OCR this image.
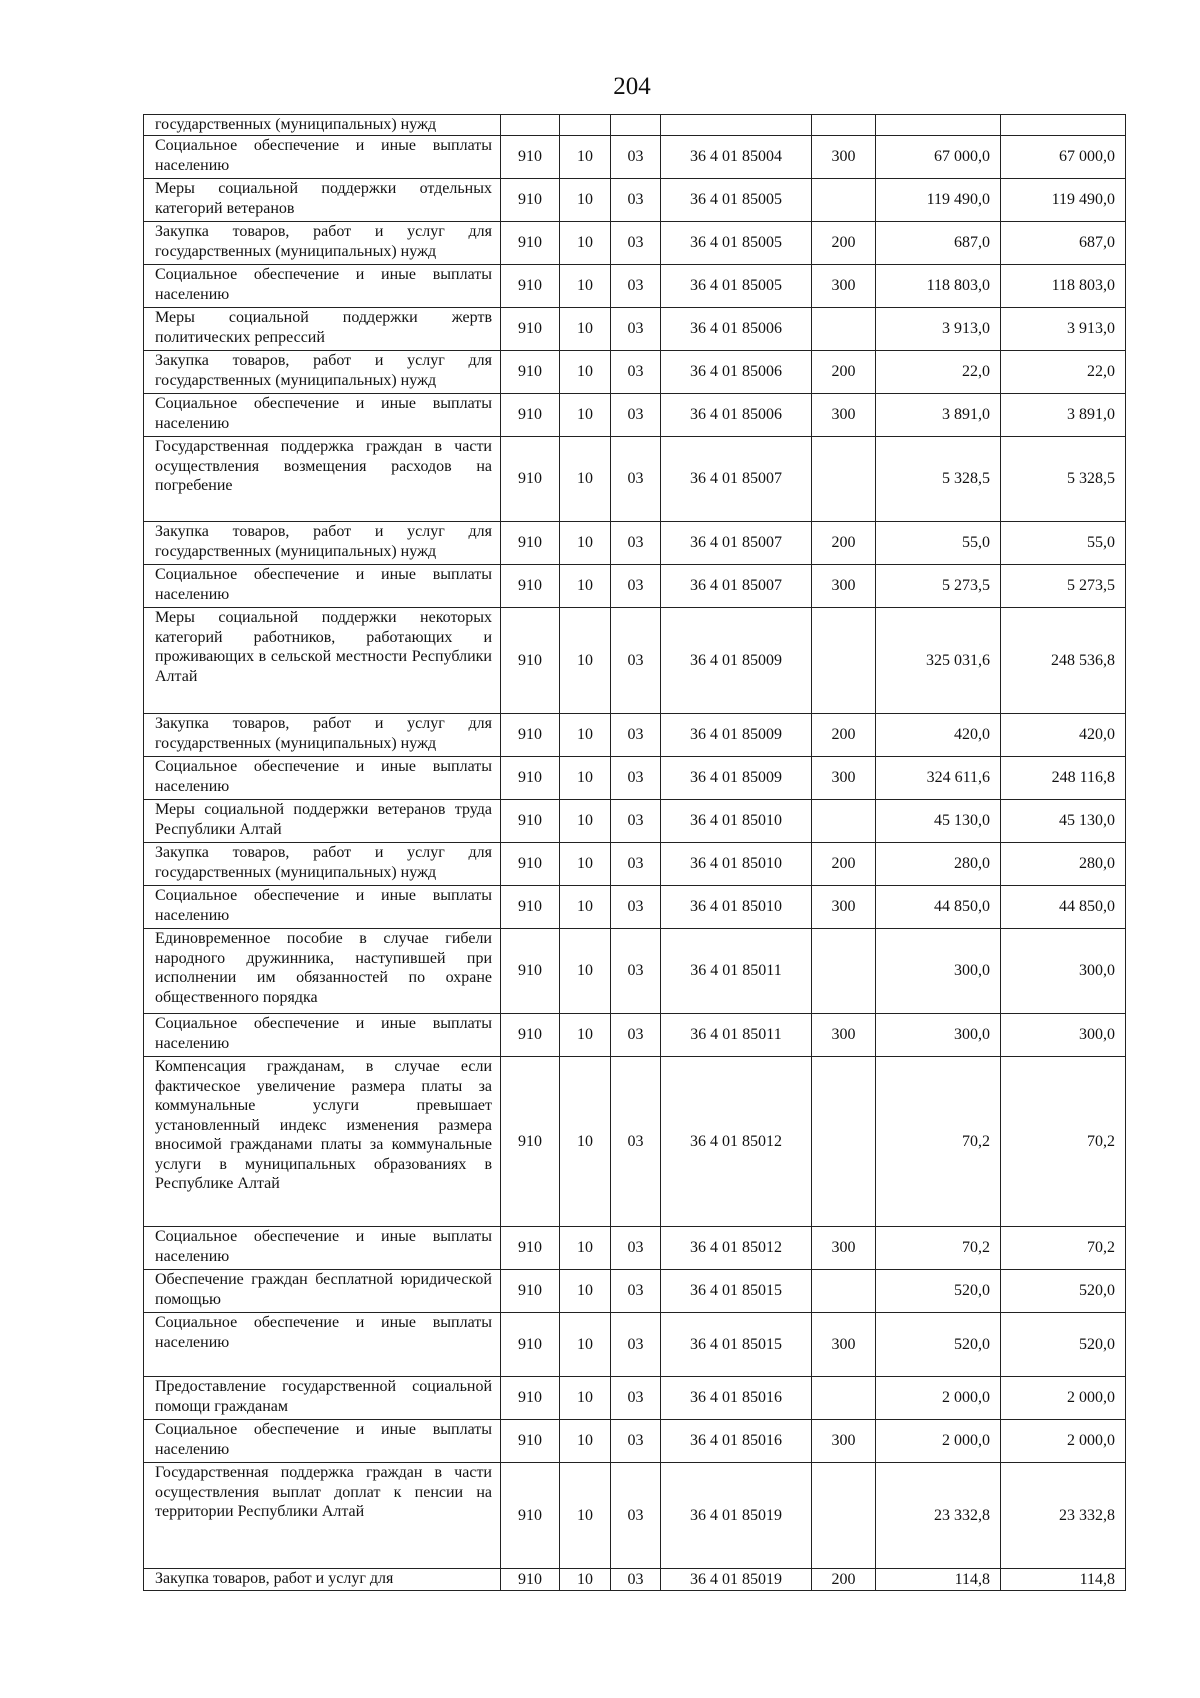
204
государственных (муниципальных) нужд							
Социальное обеспечение и иные выплаты населению	910	10	03	36 4 01 85004	300	67 000,0	67 000,0
Меры социальной поддержки отдельных категорий ветеранов	910	10	03	36 4 01 85005		119 490,0	119 490,0
Закупка товаров, работ и услуг для государственных (муниципальных) нужд	910	10	03	36 4 01 85005	200	687,0	687,0
Социальное обеспечение и иные выплаты населению	910	10	03	36 4 01 85005	300	118 803,0	118 803,0
Меры социальной поддержки жертв политических репрессий	910	10	03	36 4 01 85006		3 913,0	3 913,0
Закупка товаров, работ и услуг для государственных (муниципальных) нужд	910	10	03	36 4 01 85006	200	22,0	22,0
Социальное обеспечение и иные выплаты населению	910	10	03	36 4 01 85006	300	3 891,0	3 891,0
Государственная поддержка граждан в части осуществления возмещения расходов на погребение	910	10	03	36 4 01 85007		5 328,5	5 328,5
Закупка товаров, работ и услуг для государственных (муниципальных) нужд	910	10	03	36 4 01 85007	200	55,0	55,0
Социальное обеспечение и иные выплаты населению	910	10	03	36 4 01 85007	300	5 273,5	5 273,5
Меры социальной поддержки некоторых категорий работников, работающих и проживающих в сельской местности Республики Алтай	910	10	03	36 4 01 85009		325 031,6	248 536,8
Закупка товаров, работ и услуг для государственных (муниципальных) нужд	910	10	03	36 4 01 85009	200	420,0	420,0
Социальное обеспечение и иные выплаты населению	910	10	03	36 4 01 85009	300	324 611,6	248 116,8
Меры социальной поддержки ветеранов труда Республики Алтай	910	10	03	36 4 01 85010		45 130,0	45 130,0
Закупка товаров, работ и услуг для государственных (муниципальных) нужд	910	10	03	36 4 01 85010	200	280,0	280,0
Социальное обеспечение и иные выплаты населению	910	10	03	36 4 01 85010	300	44 850,0	44 850,0
Единовременное пособие в случае гибели народного дружинника, наступившей при исполнении им обязанностей по охране общественного порядка	910	10	03	36 4 01 85011		300,0	300,0
Социальное обеспечение и иные выплаты населению	910	10	03	36 4 01 85011	300	300,0	300,0
Компенсация гражданам, в случае если фактическое увеличение размера платы за коммунальные услуги превышает установленный индекс изменения размера вносимой гражданами платы за коммунальные услуги в муниципальных образованиях в Республике Алтай	910	10	03	36 4 01 85012		70,2	70,2
Социальное обеспечение и иные выплаты населению	910	10	03	36 4 01 85012	300	70,2	70,2
Обеспечение граждан бесплатной юридической помощью	910	10	03	36 4 01 85015		520,0	520,0
Социальное обеспечение и иные выплаты населению	910	10	03	36 4 01 85015	300	520,0	520,0
Предоставление государственной социальной помощи гражданам	910	10	03	36 4 01 85016		2 000,0	2 000,0
Социальное обеспечение и иные выплаты населению	910	10	03	36 4 01 85016	300	2 000,0	2 000,0
Государственная поддержка граждан в части осуществления выплат доплат к пенсии на территории Республики Алтай	910	10	03	36 4 01 85019		23 332,8	23 332,8
Закупка товаров, работ и услуг для	910	10	03	36 4 01 85019	200	114,8	114,8
